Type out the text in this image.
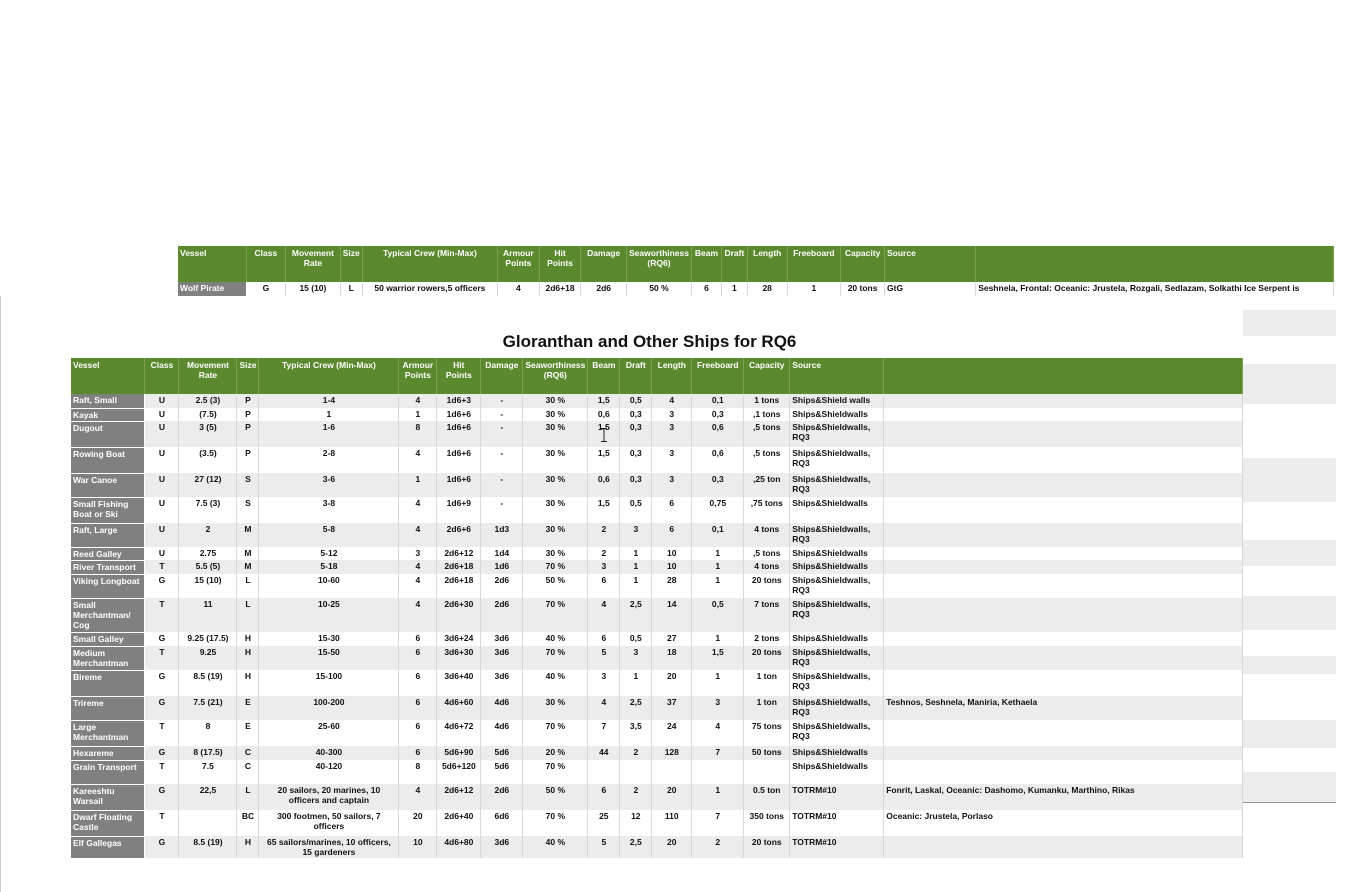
Vessel	Class	Movement Rate	Size	Typical Crew (Min-Max)	Armour Points	Hit Points	Damage	Seaworthiness (RQ6)	Beam	Draft	Length	Freeboard	Capacity	Source	
Wolf Pirate	G	15 (10)	L	50 warrior rowers,5 officers	4	2d6+18	2d6	50 %	6	1	28	1	20 tons	GtG	Seshnela, Frontal: Oceanic: Jrustela, Rozgali, Sedlazam, Solkathi Ice Serpent is
Gloranthan and Other Ships for RQ6
Vessel	Class	Movement Rate	Size	Typical Crew (Min-Max)	Armour Points	Hit Points	Damage	Seaworthiness (RQ6)	Beam	Draft	Length	Freeboard	Capacity	Source	
Raft, Small	U	2.5 (3)	P	1-4	4	1d6+3	-	30 %	1,5	0,5	4	0,1	1 tons	Ships&Shield walls	
Kayak	U	(7.5)	P	1	1	1d6+6	-	30 %	0,6	0,3	3	0,3	,1 tons	Ships&Shieldwalls	
Dugout	U	3 (5)	P	1-6	8	1d6+6	-	30 %	1,5	0,3	3	0,6	,5 tons	Ships&Shieldwalls, RQ3	
Rowing Boat	U	(3.5)	P	2-8	4	1d6+6	-	30 %	1,5	0,3	3	0,6	,5 tons	Ships&Shieldwalls, RQ3	
War Canoe	U	27 (12)	S	3-6	1	1d6+6	-	30 %	0,6	0,3	3	0,3	,25 ton	Ships&Shieldwalls, RQ3	
Small Fishing Boat or Ski	U	7.5 (3)	S	3-8	4	1d6+9	-	30 %	1,5	0,5	6	0,75	,75 tons	Ships&Shieldwalls	
Raft, Large	U	2	M	5-8	4	2d6+6	1d3	30 %	2	3	6	0,1	4 tons	Ships&Shieldwalls, RQ3	
Reed Galley	U	2.75	M	5-12	3	2d6+12	1d4	30 %	2	1	10	1	,5 tons	Ships&Shieldwalls	
River Transport	T	5.5 (5)	M	5-18	4	2d6+18	1d6	70 %	3	1	10	1	4 tons	Ships&Shieldwalls	
Viking Longboat	G	15 (10)	L	10-60	4	2d6+18	2d6	50 %	6	1	28	1	20 tons	Ships&Shieldwalls, RQ3	
Small Merchantman/ Cog	T	11	L	10-25	4	2d6+30	2d6	70 %	4	2,5	14	0,5	7 tons	Ships&Shieldwalls, RQ3	
Small Galley	G	9.25 (17.5)	H	15-30	6	3d6+24	3d6	40 %	6	0,5	27	1	2 tons	Ships&Shieldwalls	
Medium Merchantman	T	9.25	H	15-50	6	3d6+30	3d6	70 %	5	3	18	1,5	20 tons	Ships&Shieldwalls, RQ3	
Bireme	G	8.5 (19)	H	15-100	6	3d6+40	3d6	40 %	3	1	20	1	1 ton	Ships&Shieldwalls, RQ3	
Trireme	G	7.5 (21)	E	100-200	6	4d6+60	4d6	30 %	4	2,5	37	3	1 ton	Ships&Shieldwalls, RQ3	Teshnos, Seshnela, Maniria, Kethaela
Large Merchantman	T	8	E	25-60	6	4d6+72	4d6	70 %	7	3,5	24	4	75 tons	Ships&Shieldwalls, RQ3	
Hexareme	G	8 (17.5)	C	40-300	6	5d6+90	5d6	20 %	44	2	128	7	50 tons	Ships&Shieldwalls	
Grain Transport	T	7.5	C	40-120	8	5d6+120	5d6	70 %						Ships&Shieldwalls	
Kareeshtu Warsail	G	22,5	L	20 sailors, 20 marines, 10 officers and captain	4	2d6+12	2d6	50 %	6	2	20	1	0.5 ton	TOTRM#10	Fonrit, Laskal, Oceanic: Dashomo, Kumanku, Marthino, Rikas
Dwarf Floating Castle	T		BC	300 footmen, 50 sailors, 7 officers	20	2d6+40	6d6	70 %	25	12	110	7	350 tons	TOTRM#10	Oceanic: Jrustela, Porlaso
Elf Gallegas	G	8.5 (19)	H	65 sailors/marines, 10 officers, 15 gardeners	10	4d6+80	3d6	40 %	5	2,5	20	2	20 tons	TOTRM#10	
